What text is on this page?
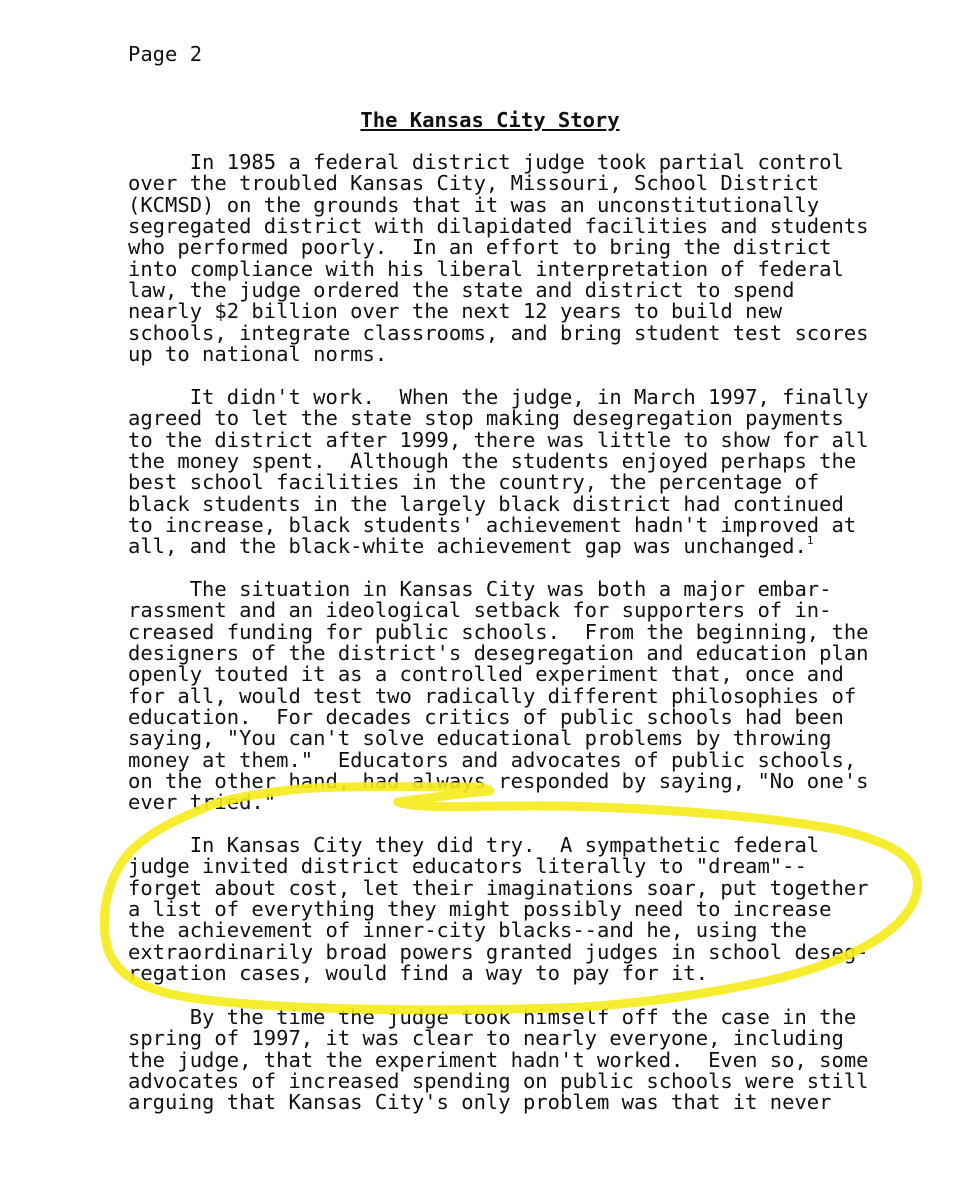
Page 2
The Kansas City Story
In 1985 a federal district judge took partial control
over the troubled Kansas City, Missouri, School District
(KCMSD) on the grounds that it was an unconstitutionally
segregated district with dilapidated facilities and students
who performed poorly.  In an effort to bring the district
into compliance with his liberal interpretation of federal
law, the judge ordered the state and district to spend
nearly $2 billion over the next 12 years to build new
schools, integrate classrooms, and bring student test scores
up to national norms.
It didn't work.  When the judge, in March 1997, finally
agreed to let the state stop making desegregation payments
to the district after 1999, there was little to show for all
the money spent.  Although the students enjoyed perhaps the
best school facilities in the country, the percentage of
black students in the largely black district had continued
to increase, black students' achievement hadn't improved at
all, and the black-white achievement gap was unchanged.$^1$
The situation in Kansas City was both a major embar-
rassment and an ideological setback for supporters of in-
creased funding for public schools.  From the beginning, the
designers of the district's desegregation and education plan
openly touted it as a controlled experiment that, once and
for all, would test two radically different philosophies of
education.  For decades critics of public schools had been
saying, "You can't solve educational problems by throwing
money at them."  Educators and advocates of public schools,
on the other hand, had always responded by saying, "No one's
ever tried."
In Kansas City they did try.  A sympathetic federal
judge invited district educators literally to "dream"--
forget about cost, let their imaginations soar, put together
a list of everything they might possibly need to increase
the achievement of inner-city blacks--and he, using the
extraordinarily broad powers granted judges in school deseg-
regation cases, would find a way to pay for it.
By the time the judge took himself off the case in the
spring of 1997, it was clear to nearly everyone, including
the judge, that the experiment hadn't worked.  Even so, some
advocates of increased spending on public schools were still
arguing that Kansas City's only problem was that it never
